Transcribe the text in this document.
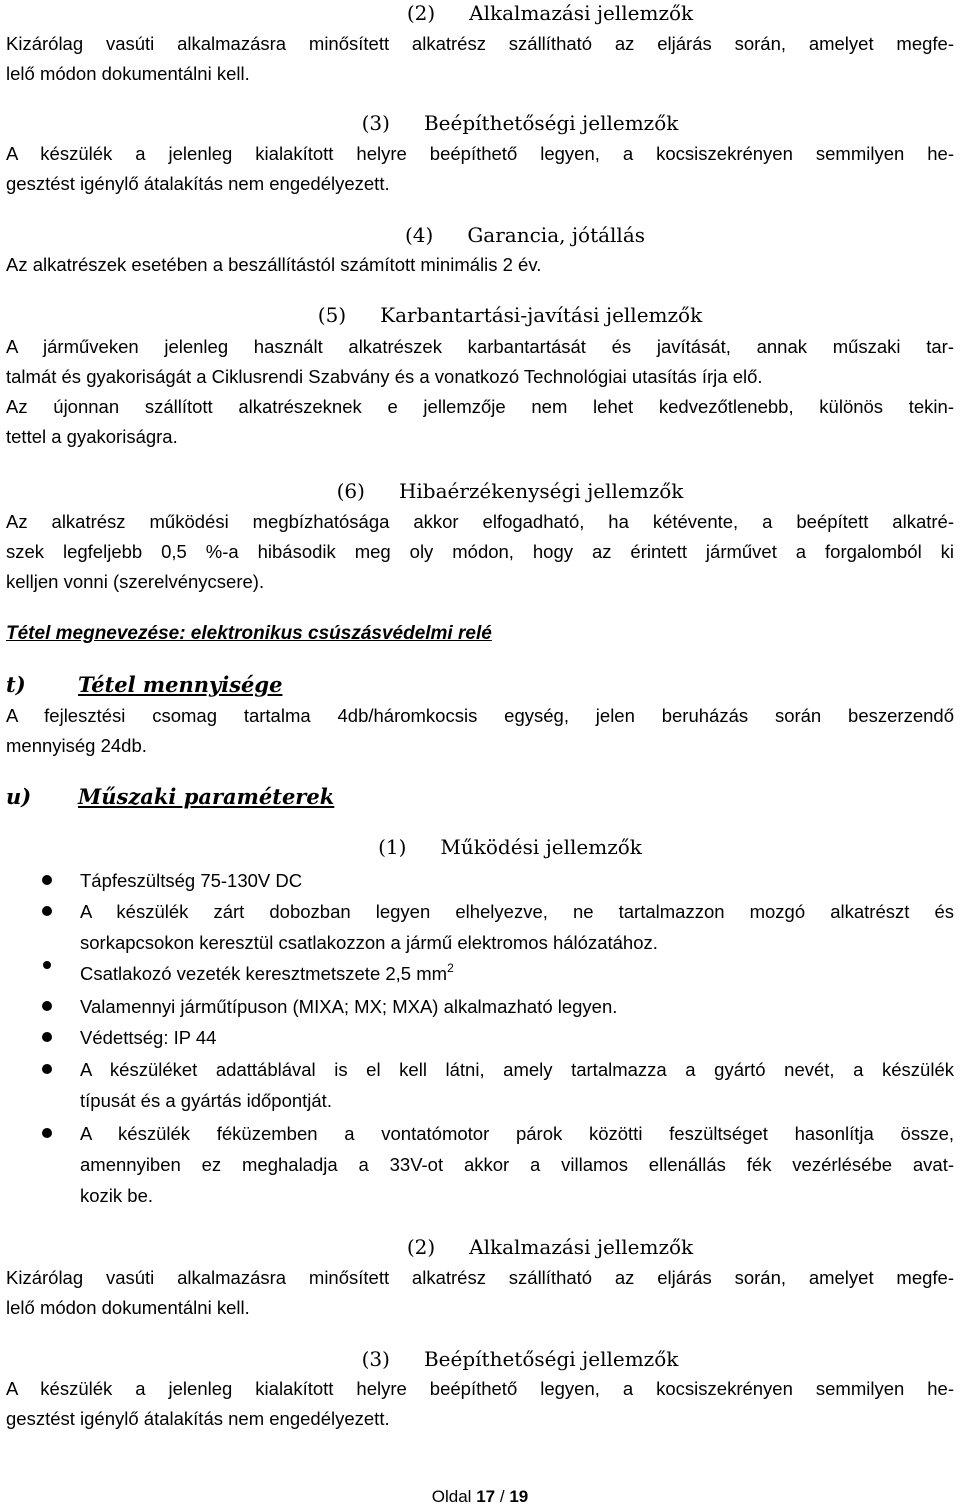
(2) Alkalmazási jellemzők
Kizárólag vasúti alkalmazásra minősített alkatrész szállítható az eljárás során, amelyet megfe-
lelő módon dokumentálni kell.
(3) Beépíthetőségi jellemzők
A készülék a jelenleg kialakított helyre beépíthető legyen, a kocsiszekrényen semmilyen he-
gesztést igénylő átalakítás nem engedélyezett.
(4) Garancia, jótállás
Az alkatrészek esetében a beszállítástól számított minimális 2 év.
(5) Karbantartási-javítási jellemzők
A járműveken jelenleg használt alkatrészek karbantartását és javítását, annak műszaki tar-
talmát és gyakoriságát a Ciklusrendi Szabvány és a vonatkozó Technológiai utasítás írja elő.
Az újonnan szállított alkatrészeknek e jellemzője nem lehet kedvezőtlenebb, különös tekin-
tettel a gyakoriságra.
(6) Hibaérzékenységi jellemzők
Az alkatrész működési megbízhatósága akkor elfogadható, ha kétévente, a beépített alkatré-
szek legfeljebb 0,5 %-a hibásodik meg oly módon, hogy az érintett járművet a forgalomból ki
kelljen vonni (szerelvénycsere).
Tétel megnevezése: elektronikus csúszásvédelmi relé
t) Tétel mennyisége
A fejlesztési csomag tartalma 4db/háromkocsis egység, jelen beruházás során beszerzendő
mennyiség 24db.
u) Műszaki paraméterek
(1) Működési jellemzők
Tápfeszültség 75-130V DC
A készülék zárt dobozban legyen elhelyezve, ne tartalmazzon mozgó alkatrészt és
sorkapcsokon keresztül csatlakozzon a jármű elektromos hálózatához.
Csatlakozó vezeték keresztmetszete 2,5 $mm^2$
Valamennyi járműtípuson (MIXA; MX; MXA) alkalmazható legyen.
Védettség: IP 44
A készüléket adattáblával is el kell látni, amely tartalmazza a gyártó nevét, a készülék
típusát és a gyártás időpontját.
A készülék féküzemben a vontatómotor párok közötti feszültséget hasonlítja össze,
amennyiben ez meghaladja a 33V-ot akkor a villamos ellenállás fék vezérlésébe avat-
kozik be.
(2) Alkalmazási jellemzők
Kizárólag vasúti alkalmazásra minősített alkatrész szállítható az eljárás során, amelyet megfe-
lelő módon dokumentálni kell.
(3) Beépíthetőségi jellemzők
A készülék a jelenleg kialakított helyre beépíthető legyen, a kocsiszekrényen semmilyen he-
gesztést igénylő átalakítás nem engedélyezett.
Oldal 17 / 19
